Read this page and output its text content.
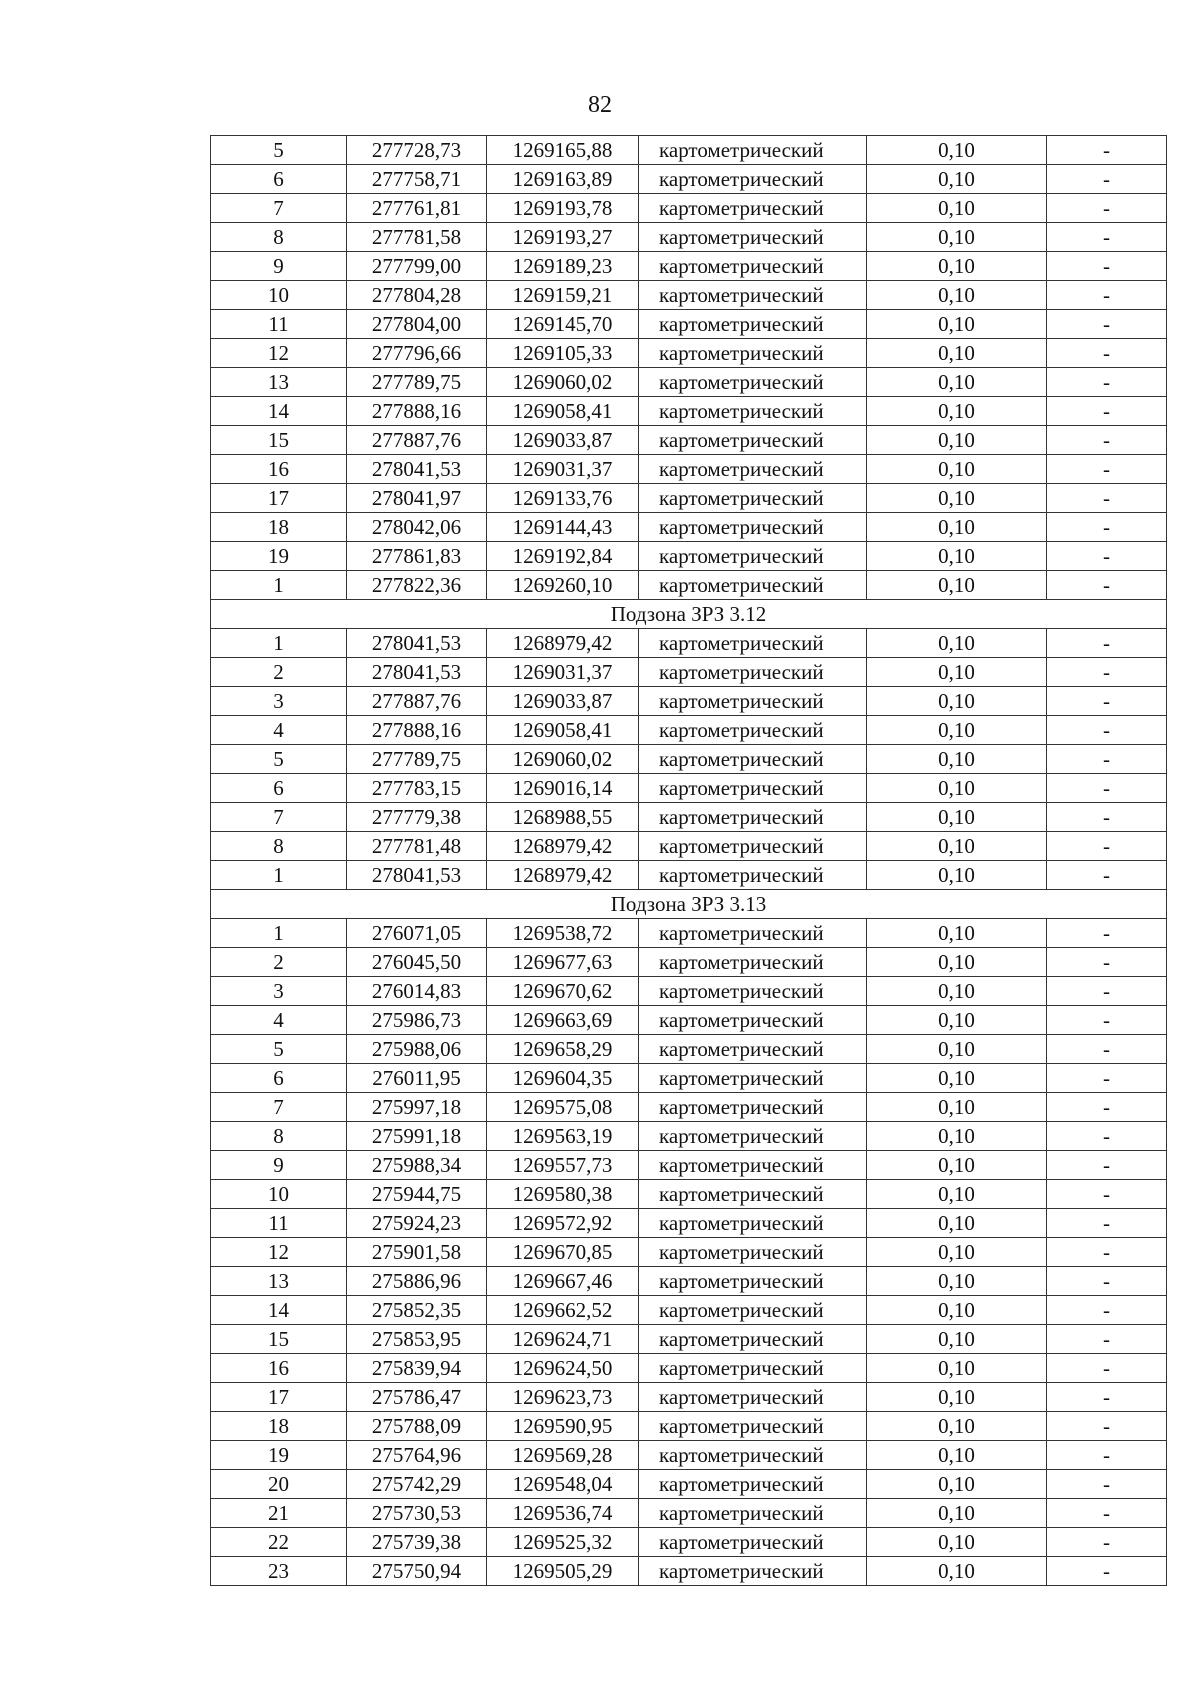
82
5	277728,73	1269165,88	картометрический	0,10	-
6	277758,71	1269163,89	картометрический	0,10	-
7	277761,81	1269193,78	картометрический	0,10	-
8	277781,58	1269193,27	картометрический	0,10	-
9	277799,00	1269189,23	картометрический	0,10	-
10	277804,28	1269159,21	картометрический	0,10	-
11	277804,00	1269145,70	картометрический	0,10	-
12	277796,66	1269105,33	картометрический	0,10	-
13	277789,75	1269060,02	картометрический	0,10	-
14	277888,16	1269058,41	картометрический	0,10	-
15	277887,76	1269033,87	картометрический	0,10	-
16	278041,53	1269031,37	картометрический	0,10	-
17	278041,97	1269133,76	картометрический	0,10	-
18	278042,06	1269144,43	картометрический	0,10	-
19	277861,83	1269192,84	картометрический	0,10	-
1	277822,36	1269260,10	картометрический	0,10	-
Подзона ЗРЗ 3.12					
1	278041,53	1268979,42	картометрический	0,10	-
2	278041,53	1269031,37	картометрический	0,10	-
3	277887,76	1269033,87	картометрический	0,10	-
4	277888,16	1269058,41	картометрический	0,10	-
5	277789,75	1269060,02	картометрический	0,10	-
6	277783,15	1269016,14	картометрический	0,10	-
7	277779,38	1268988,55	картометрический	0,10	-
8	277781,48	1268979,42	картометрический	0,10	-
1	278041,53	1268979,42	картометрический	0,10	-
Подзона ЗРЗ 3.13					
1	276071,05	1269538,72	картометрический	0,10	-
2	276045,50	1269677,63	картометрический	0,10	-
3	276014,83	1269670,62	картометрический	0,10	-
4	275986,73	1269663,69	картометрический	0,10	-
5	275988,06	1269658,29	картометрический	0,10	-
6	276011,95	1269604,35	картометрический	0,10	-
7	275997,18	1269575,08	картометрический	0,10	-
8	275991,18	1269563,19	картометрический	0,10	-
9	275988,34	1269557,73	картометрический	0,10	-
10	275944,75	1269580,38	картометрический	0,10	-
11	275924,23	1269572,92	картометрический	0,10	-
12	275901,58	1269670,85	картометрический	0,10	-
13	275886,96	1269667,46	картометрический	0,10	-
14	275852,35	1269662,52	картометрический	0,10	-
15	275853,95	1269624,71	картометрический	0,10	-
16	275839,94	1269624,50	картометрический	0,10	-
17	275786,47	1269623,73	картометрический	0,10	-
18	275788,09	1269590,95	картометрический	0,10	-
19	275764,96	1269569,28	картометрический	0,10	-
20	275742,29	1269548,04	картометрический	0,10	-
21	275730,53	1269536,74	картометрический	0,10	-
22	275739,38	1269525,32	картометрический	0,10	-
23	275750,94	1269505,29	картометрический	0,10	-
